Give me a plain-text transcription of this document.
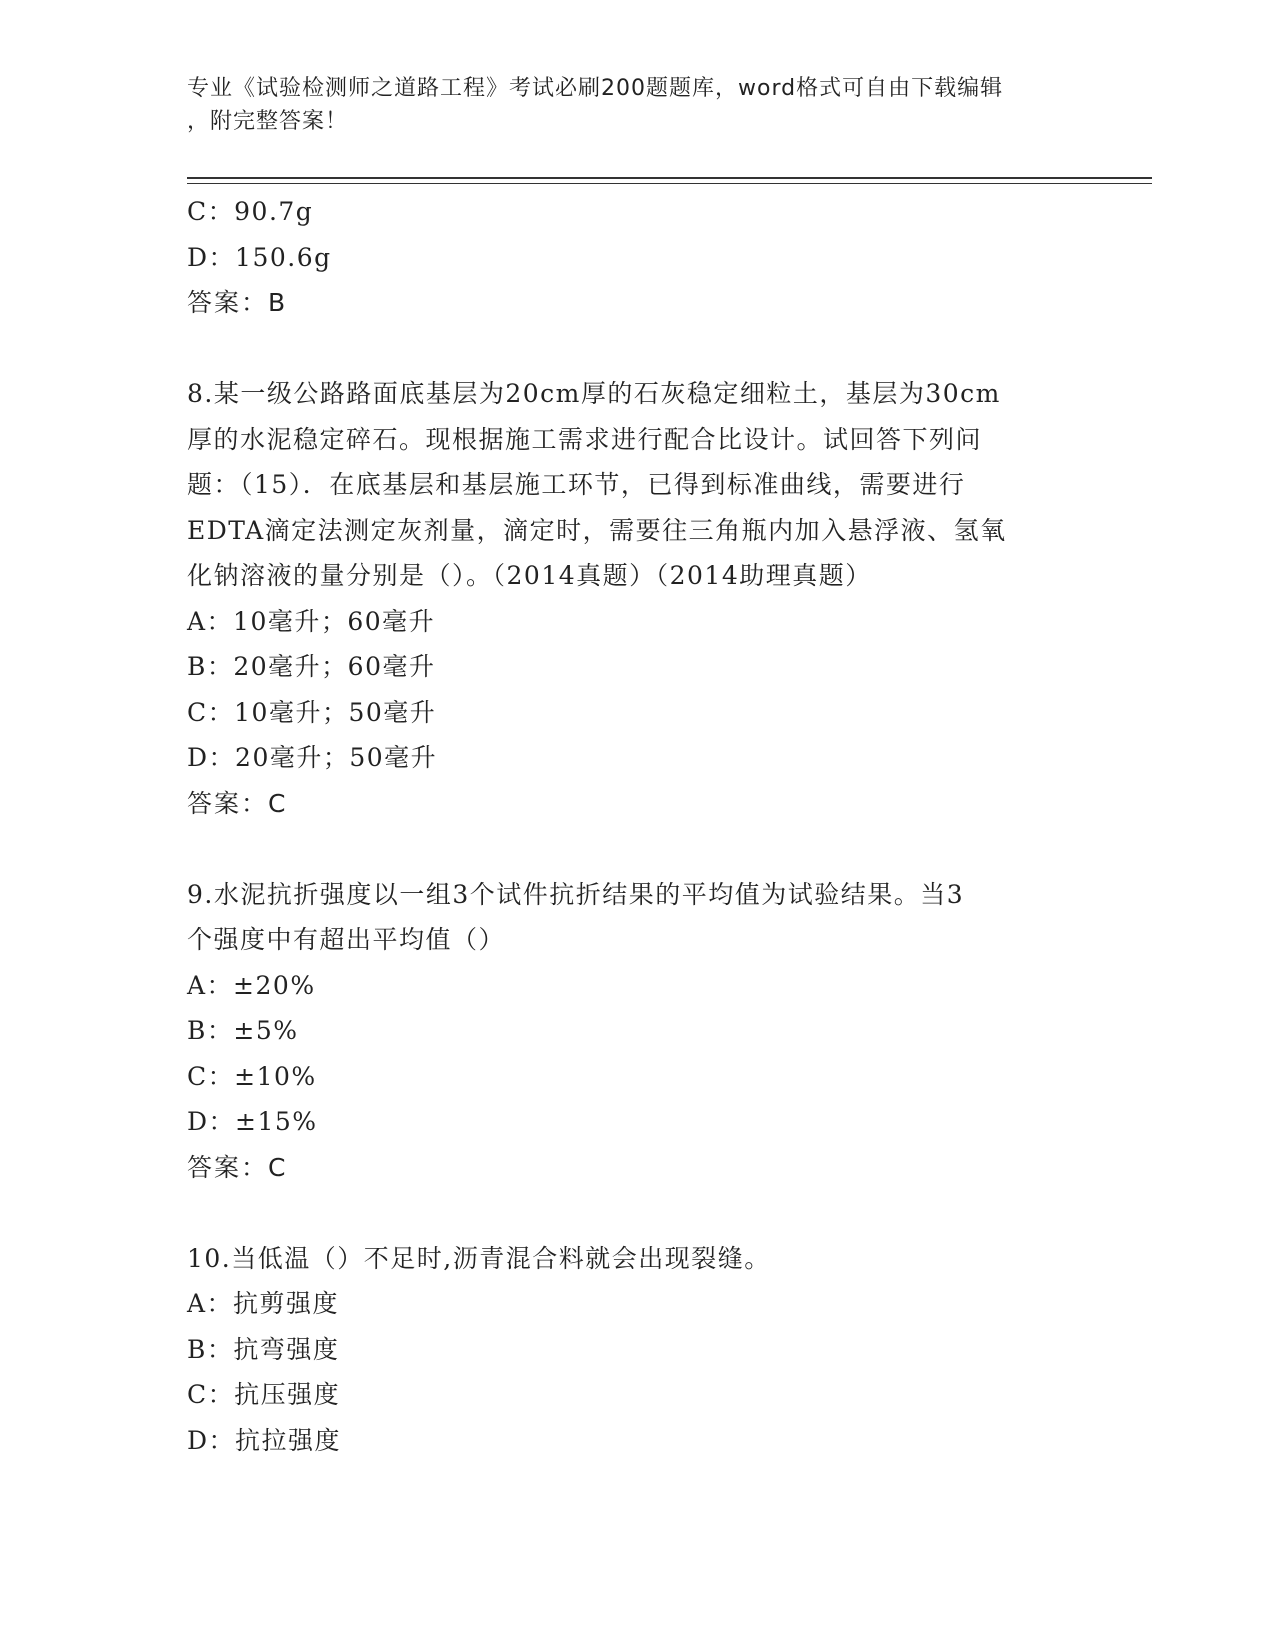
专业《试验检测师之道路工程》考试必刷200题题库，word格式可自由下载编辑
，附完整答案！
C：90.7g
D：150.6g
答案：B
8.某一级公路路面底基层为20cm厚的石灰稳定细粒土，基层为30cm
厚的水泥稳定碎石。现根据施工需求进行配合比设计。试回答下列问
题：（15）．在底基层和基层施工环节，已得到标准曲线，需要进行
EDTA滴定法测定灰剂量，滴定时，需要往三角瓶内加入悬浮液、氢氧
化钠溶液的量分别是（）。（2014真题）（2014助理真题）
A：10毫升；60毫升
B：20毫升；60毫升
C：10毫升；50毫升
D：20毫升；50毫升
答案：C
9.水泥抗折强度以一组3个试件抗折结果的平均值为试验结果。当3
个强度中有超出平均值（）
A：±20%
B：±5%
C：±10%
D：±15%
答案：C
10.当低温（）不足时,沥青混合料就会出现裂缝。
A：抗剪强度
B：抗弯强度
C：抗压强度
D：抗拉强度
